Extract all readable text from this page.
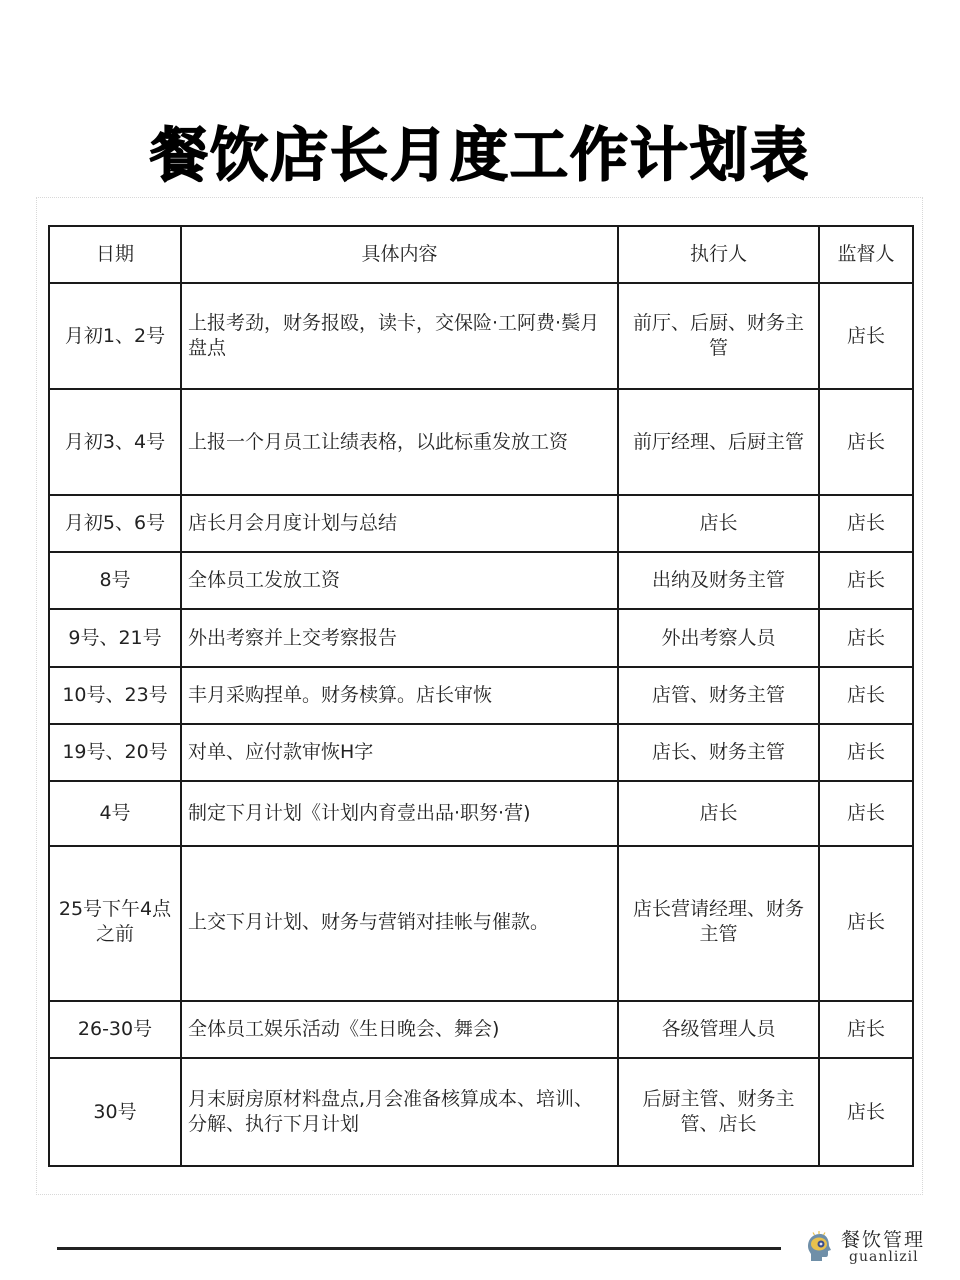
餐饮店长月度工作计划表
日期	具体内容	执行人	监督人
月初1、2号	上报考劲，财务报殴，读卡，交保险·工阿费·鬓月盘点	前厅、后厨、财务主管	店长
月初3、4号	上报一个月员工让绩表格，以此标重发放工资	前厅经理、后厨主管	店长
月初5、6号	店长月会月度计划与总结	店长	店长
8号	全体员工发放工资	出纳及财务主管	店长
9号、21号	外出考察并上交考察报告	外出考察人员	店长
10号、23号	丰月采购捏单。财务椟算。店长审恢	店管、财务主管	店长
19号、20号	对单、应付款审恢H字	店长、财务主管	店长
4号	制定下月计划《计划内育壹出品·职努·营)	店长	店长
25号下午4点之前	上交下月计划、财务与营销对挂帐与催款。	店长营请经理、财务主管	店长
26-30号	全体员工娱乐活动《生日晚会、舞会)	各级管理人员	店长
30号	月末厨房原材料盘点,月会准备核算成本、培训、分解、执行下月计划	后厨主管、财务主管、店长	店长
餐饮管理
guanlizil
